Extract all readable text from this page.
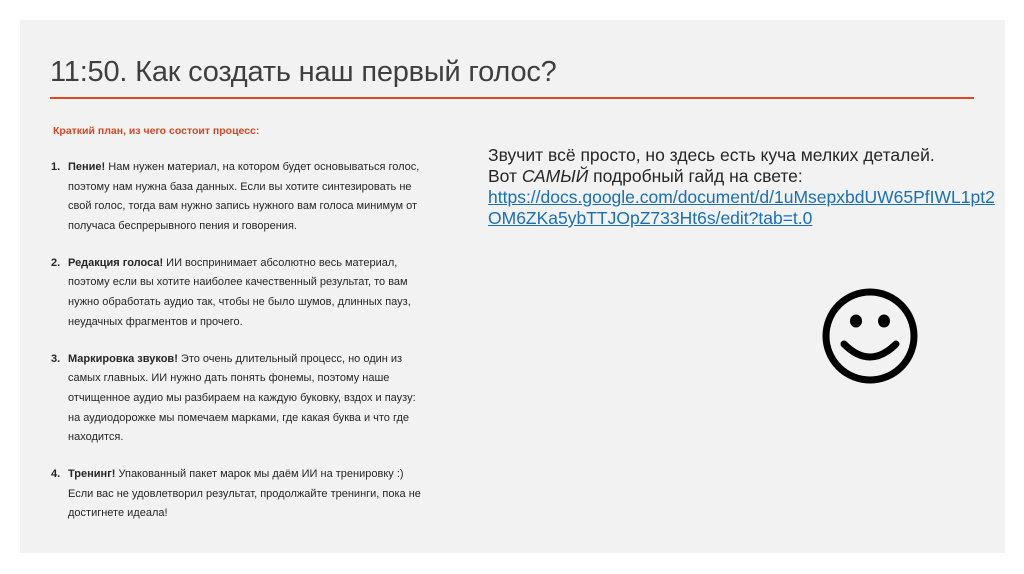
11:50. Как создать наш первый голос?
Краткий план, из чего состоит процесс:
1. Пение! Нам нужен материал, на котором будет основываться голос, поэтому нам нужна база данных. Если вы хотите синтезировать не свой голос, тогда вам нужно запись нужного вам голоса минимум от получаса беспрерывного пения и говорения.
2. Редакция голоса! ИИ воспринимает абсолютно весь материал, поэтому если вы хотите наиболее качественный результат, то вам нужно обработать аудио так, чтобы не было шумов, длинных пауз, неудачных фрагментов и прочего.
3. Маркировка звуков! Это очень длительный процесс, но один из самых главных. ИИ нужно дать понять фонемы, поэтому наше отчищенное аудио мы разбираем на каждую буковку, вздох и паузу: на аудиодорожке мы помечаем марками, где какая буква и что где находится.
4. Тренинг! Упакованный пакет марок мы даём ИИ на тренировку :) Если вас не удовлетворил результат, продолжайте тренинги, пока не достигнете идеала!
Звучит всё просто, но здесь есть куча мелких деталей.
Вот САМЫЙ подробный гайд на свете:
https://docs.google.com/document/d/1uMsepxbdUW65PfIWL1pt2OM6ZKa5ybTTJOpZ733Ht6s/edit?tab=t.0
